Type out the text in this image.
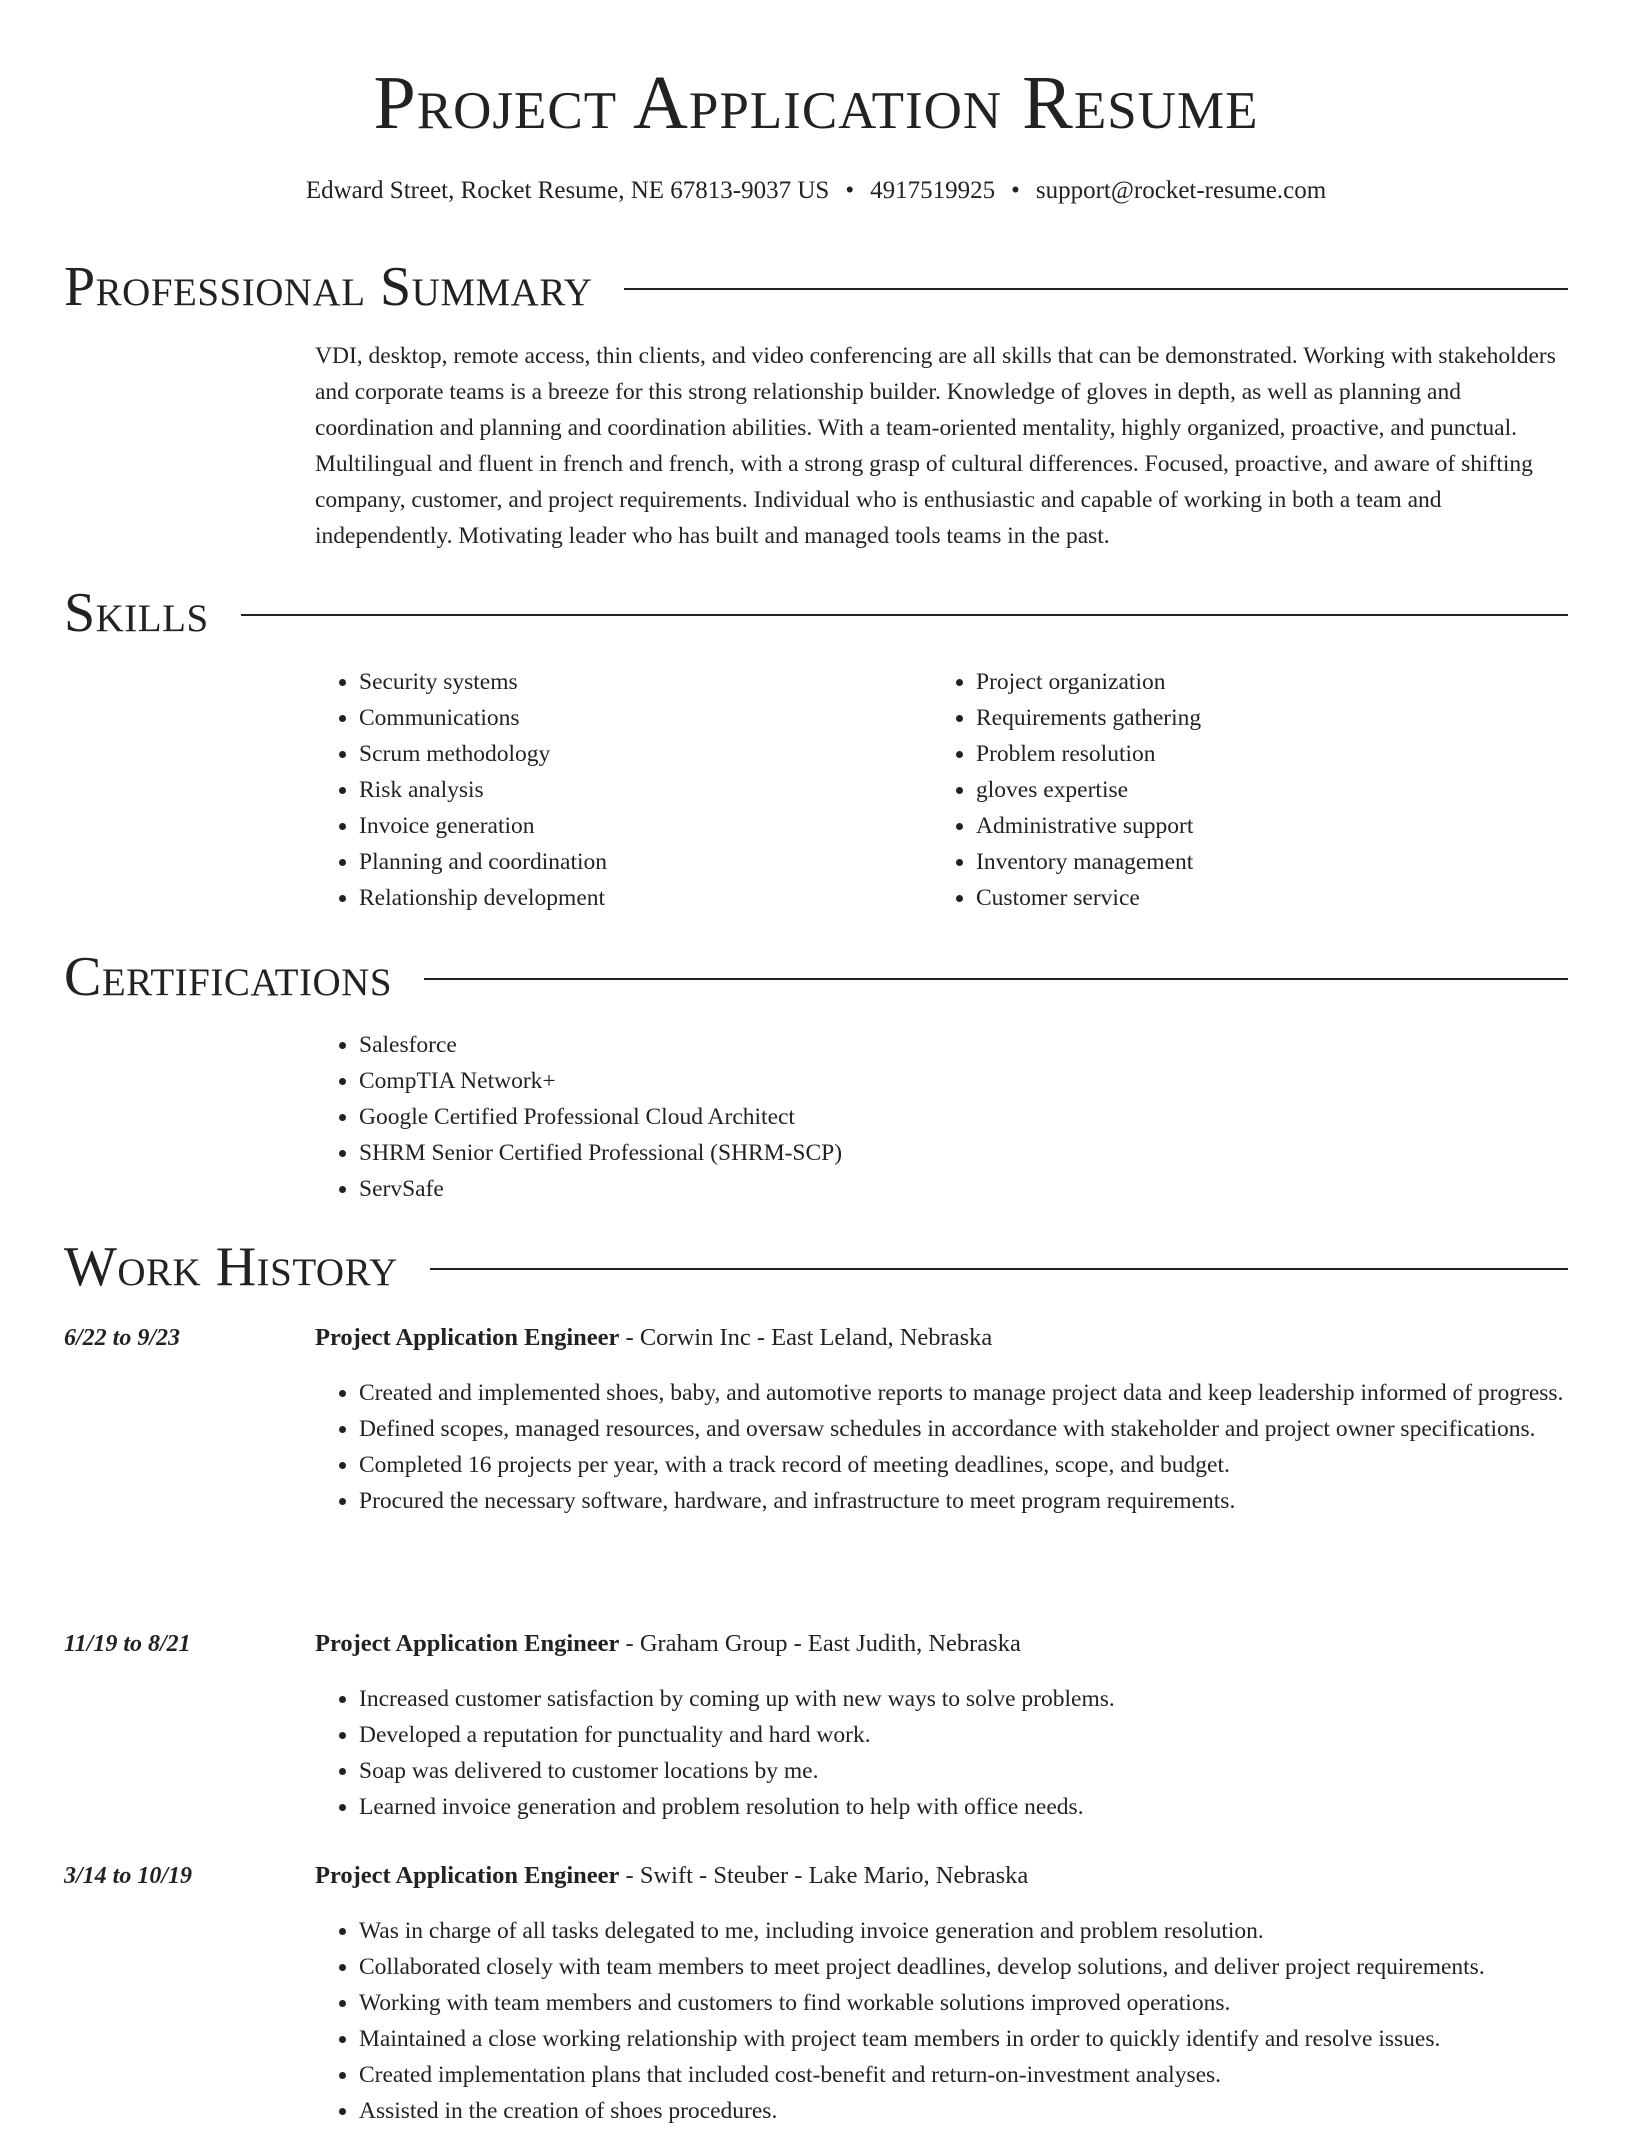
Project Application Resume
Edward Street, Rocket Resume, NE 67813-9037 US • 4917519925 • support@rocket-resume.com
Professional Summary

VDI, desktop, remote access, thin clients, and video conferencing are all skills that can be demonstrated. Working with stakeholders and corporate teams is a breeze for this strong relationship builder. Knowledge of gloves in depth, as well as planning and coordination and planning and coordination abilities. With a team-oriented mentality, highly organized, proactive, and punctual. Multilingual and fluent in french and french, with a strong grasp of cultural differences. Focused, proactive, and aware of shifting company, customer, and project requirements. Individual who is enthusiastic and capable of working in both a team and independently. Motivating leader who has built and managed tools teams in the past.

Skills
• Security systems
• Communications
• Scrum methodology
• Risk analysis
• Invoice generation
• Planning and coordination
• Relationship development
• Project organization
• Requirements gathering
• Problem resolution
• gloves expertise
• Administrative support
• Inventory management
• Customer service
Certifications
• Salesforce
• CompTIA Network+
• Google Certified Professional Cloud Architect
• SHRM Senior Certified Professional (SHRM-SCP)
• ServSafe
Work History
6/22 to 9/23	Project Application Engineer - Corwin Inc - East Leland, Nebraska
• Created and implemented shoes, baby, and automotive reports to manage project data and keep leadership informed of progress.
• Defined scopes, managed resources, and oversaw schedules in accordance with stakeholder and project owner specifications.
• Completed 16 projects per year, with a track record of meeting deadlines, scope, and budget.
• Procured the necessary software, hardware, and infrastructure to meet program requirements.
11/19 to 8/21	Project Application Engineer - Graham Group - East Judith, Nebraska
• Increased customer satisfaction by coming up with new ways to solve problems.
• Developed a reputation for punctuality and hard work.
• Soap was delivered to customer locations by me.
• Learned invoice generation and problem resolution to help with office needs.
3/14 to 10/19	Project Application Engineer - Swift - Steuber - Lake Mario, Nebraska
• Was in charge of all tasks delegated to me, including invoice generation and problem resolution.
• Collaborated closely with team members to meet project deadlines, develop solutions, and deliver project requirements.
• Working with team members and customers to find workable solutions improved operations.
• Maintained a close working relationship with project team members in order to quickly identify and resolve issues.
• Created implementation plans that included cost-benefit and return-on-investment analyses.
• Assisted in the creation of shoes procedures.
